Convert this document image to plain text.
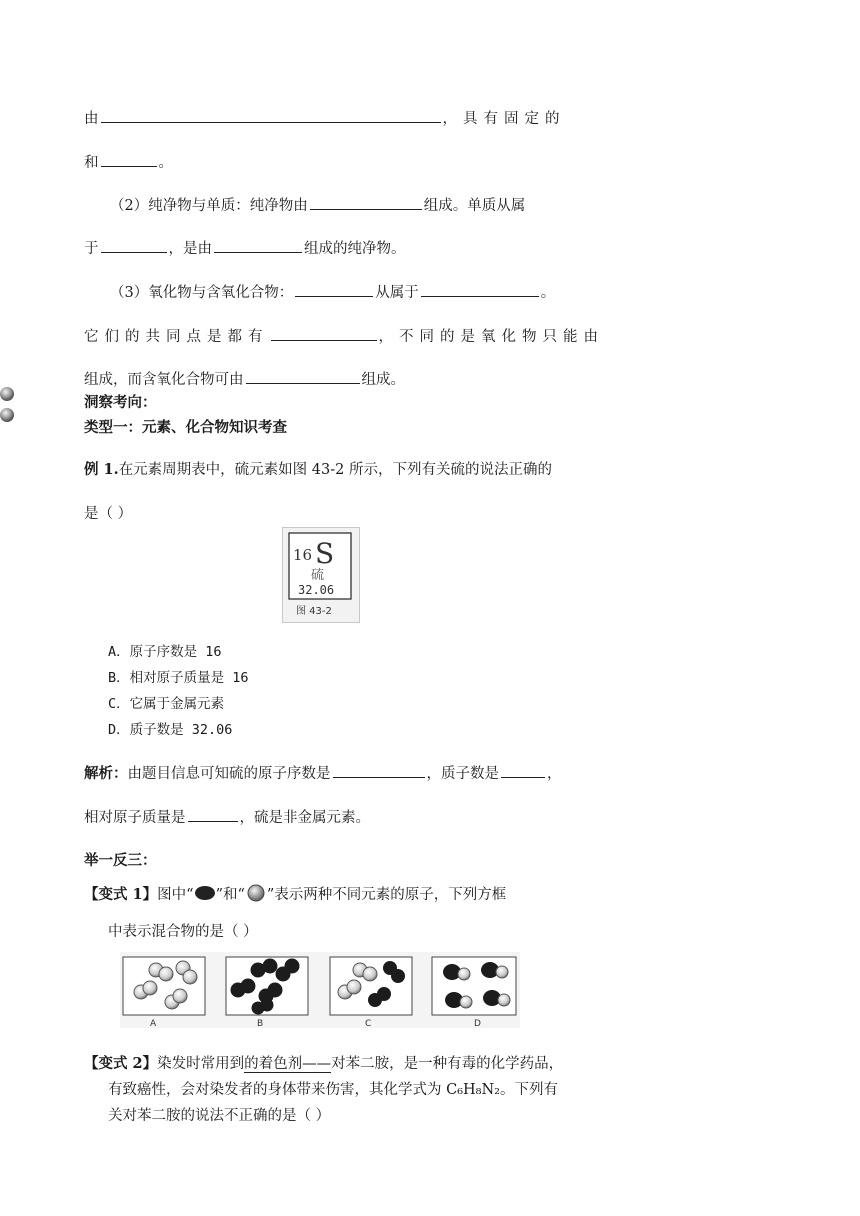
由	，具有固定的
和	。
（2）纯净物与单质：纯净物由	组成。单质从属
于	，是由	组成的纯净物。
（3）氧化物与含氧化合物：	从属于	。
它们的共同点是都有	，不同的是氧化物只能由
组成，而含氧化合物可由	组成。
洞察考向：
类型一：元素、化合物知识考查
例 1.在元素周期表中，硫元素如图 43-2 所示，下列有关硫的说法正确的
是（ ）
16 S
硫
32.06
图 43-2
A．原子序数是 16
B．相对原子质量是 16
C．它属于金属元素
D．质子数是 32.06
解析：由题目信息可知硫的原子序数是	，质子数是	，
相对原子质量是	，硫是非金属元素。
举一反三：
【变式 1】图中“ ”和“ ”表示两种不同元素的原子，下列方框
中表示混合物的是（ ）
A	B	C	D
【变式 2】染发时常用到的着色剂——对苯二胺，是一种有毒的化学药品，
有致癌性，会对染发者的身体带来伤害，其化学式为 C₆H₈N₂。下列有
关对苯二胺的说法不正确的是（ ）
